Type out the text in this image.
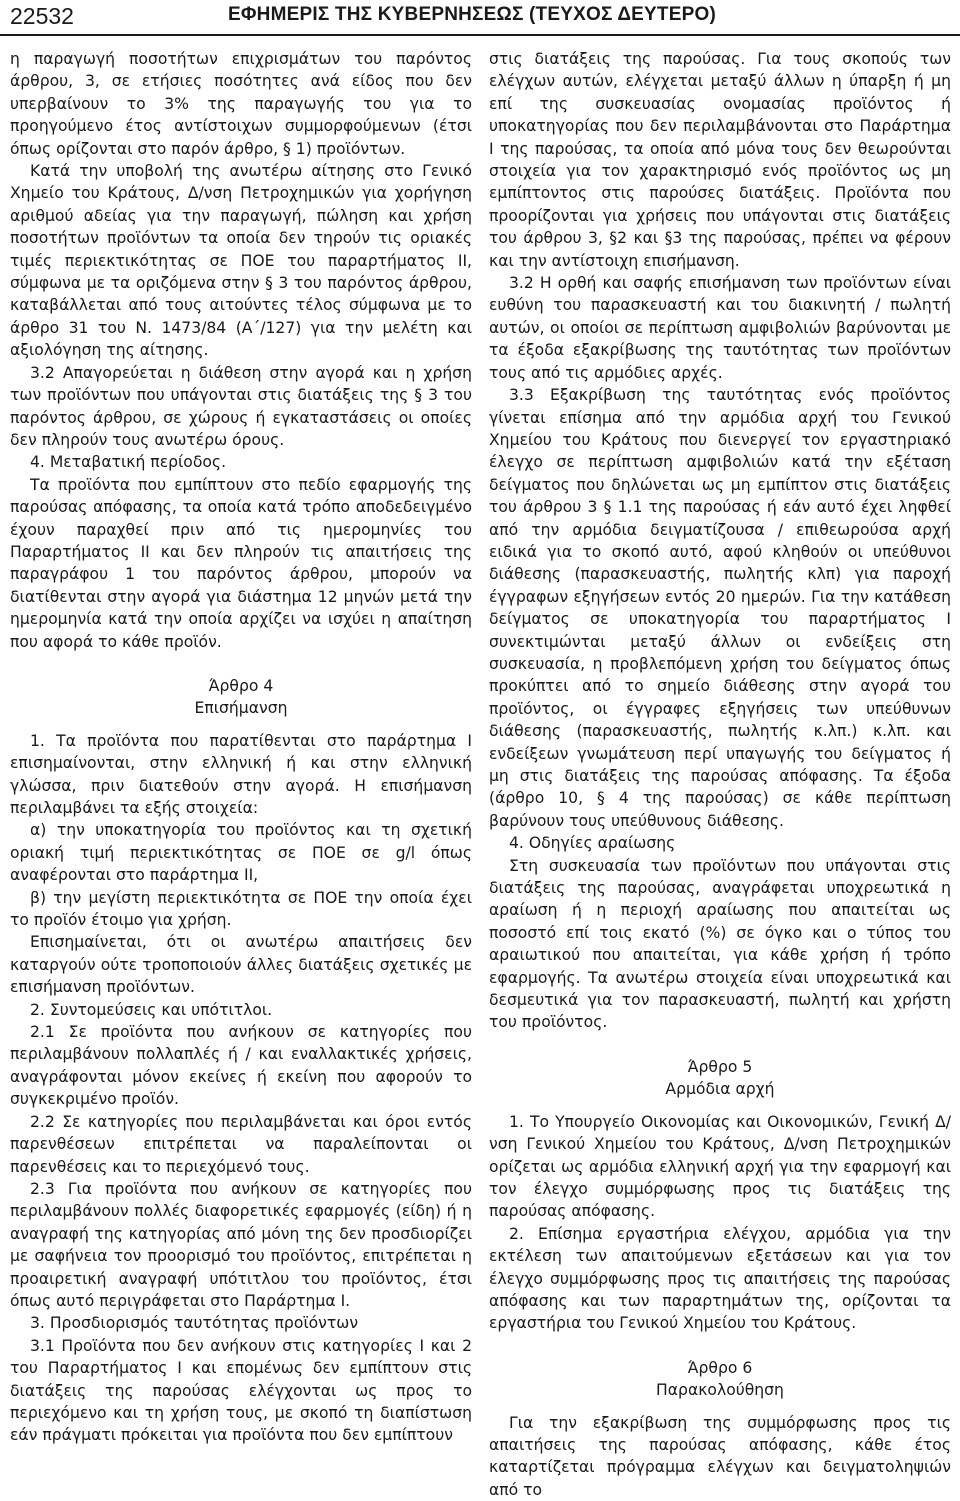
22532	ΕΦΗΜΕΡΙΣ ΤΗΣ ΚΥΒΕΡΝΗΣΕΩΣ (ΤΕΥΧΟΣ ΔΕΥΤΕΡΟ)

η παραγωγή ποσοτήτων επιχρισμάτων του παρόντος άρθρου, 3, σε ετήσιες ποσότητες ανά είδος που δεν υπερβαίνουν το 3% της παραγωγής του για το προηγούμενο έτος αντίστοιχων συμμορφούμενων (έτσι όπως ορίζονται στο παρόν άρθρο, § 1) προϊόντων.

Κατά την υποβολή της ανωτέρω αίτησης στο Γενικό Χημείο του Κράτους, Δ/νση Πετροχημικών για χορήγηση αριθμού αδείας για την παραγωγή, πώληση και χρήση ποσοτήτων προϊόντων τα οποία δεν τηρούν τις οριακές τιμές περιεκτικότητας σε ΠΟΕ του παραρτήματος II, σύμφωνα με τα οριζόμενα στην § 3 του παρόντος άρθρου, καταβάλλεται από τους αιτούντες τέλος σύμφωνα με το άρθρο 31 του Ν. 1473/84 (Α΄/127) για την μελέτη και αξιολόγηση της αίτησης.

3.2 Απαγορεύεται η διάθεση στην αγορά και η χρήση των προϊόντων που υπάγονται στις διατάξεις της § 3 του παρόντος άρθρου, σε χώρους ή εγκαταστάσεις οι οποίες δεν πληρούν τους ανωτέρω όρους.

4. Μεταβατική περίοδος.

Τα προϊόντα που εμπίπτουν στο πεδίο εφαρμογής της παρούσας απόφασης, τα οποία κατά τρόπο αποδεδειγμένο έχουν παραχθεί πριν από τις ημερομηνίες του Παραρτήματος II και δεν πληρούν τις απαιτήσεις της παραγράφου 1 του παρόντος άρθρου, μπορούν να διατίθενται στην αγορά για διάστημα 12 μηνών μετά την ημερομηνία κατά την οποία αρχίζει να ισχύει η απαίτηση που αφορά το κάθε προϊόν.

Άρθρο 4

Επισήμανση

1. Τα προϊόντα που παρατίθενται στο παράρτημα I επισημαίνονται, στην ελληνική ή και στην ελληνική γλώσσα, πριν διατεθούν στην αγορά. Η επισήμανση περιλαμβάνει τα εξής στοιχεία:

α) την υποκατηγορία του προϊόντος και τη σχετική οριακή τιμή περιεκτικότητας σε ΠΟΕ σε g/l όπως αναφέρονται στο παράρτημα II,

β) την μεγίστη περιεκτικότητα σε ΠΟΕ την οποία έχει το προϊόν έτοιμο για χρήση.

Επισημαίνεται, ότι οι ανωτέρω απαιτήσεις δεν καταργούν ούτε τροποποιούν άλλες διατάξεις σχετικές με επισήμανση προϊόντων.

2. Συντομεύσεις και υπότιτλοι.

2.1 Σε προϊόντα που ανήκουν σε κατηγορίες που περιλαμβάνουν πολλαπλές ή / και εναλλακτικές χρήσεις, αναγράφονται μόνον εκείνες ή εκείνη που αφορούν το συγκεκριμένο προϊόν.

2.2 Σε κατηγορίες που περιλαμβάνεται και όροι εντός παρενθέσεων επιτρέπεται να παραλείπονται οι παρενθέσεις και το περιεχόμενό τους.

2.3 Για προϊόντα που ανήκουν σε κατηγορίες που περιλαμβάνουν πολλές διαφορετικές εφαρμογές (είδη) ή η αναγραφή της κατηγορίας από μόνη της δεν προσδιορίζει με σαφήνεια τον προορισμό του προϊόντος, επιτρέπεται η προαιρετική αναγραφή υπότιτλου του προϊόντος, έτσι όπως αυτό περιγράφεται στο Παράρτημα I.

3. Προσδιορισμός ταυτότητας προϊόντων

3.1 Προϊόντα που δεν ανήκουν στις κατηγορίες I και 2 του Παραρτήματος I και επομένως δεν εμπίπτουν στις διατάξεις της παρούσας ελέγχονται ως προς το περιεχόμενο και τη χρήση τους, με σκοπό τη διαπίστωση εάν πράγματι πρόκειται για προϊόντα που δεν εμπίπτουν

στις διατάξεις της παρούσας. Για τους σκοπούς των ελέγχων αυτών, ελέγχεται μεταξύ άλλων η ύπαρξη ή μη επί της συσκευασίας ονομασίας προϊόντος ή υποκατηγορίας που δεν περιλαμβάνονται στο Παράρτημα I της παρούσας, τα οποία από μόνα τους δεν θεωρούνται στοιχεία για τον χαρακτηρισμό ενός προϊόντος ως μη εμπίπτοντος στις παρούσες διατάξεις. Προϊόντα που προορίζονται για χρήσεις που υπάγονται στις διατάξεις του άρθρου 3, §2 και §3 της παρούσας, πρέπει να φέρουν και την αντίστοιχη επισήμανση.

3.2 Η ορθή και σαφής επισήμανση των προϊόντων είναι ευθύνη του παρασκευαστή και του διακινητή / πωλητή αυτών, οι οποίοι σε περίπτωση αμφιβολιών βαρύνονται με τα έξοδα εξακρίβωσης της ταυτότητας των προϊόντων τους από τις αρμόδιες αρχές.

3.3 Εξακρίβωση της ταυτότητας ενός προϊόντος γίνεται επίσημα από την αρμόδια αρχή του Γενικού Χημείου του Κράτους που διενεργεί τον εργαστηριακό έλεγχο σε περίπτωση αμφιβολιών κατά την εξέταση δείγματος που δηλώνεται ως μη εμπίπτον στις διατάξεις του άρθρου 3 § 1.1 της παρούσας ή εάν αυτό έχει ληφθεί από την αρμόδια δειγματίζουσα / επιθεωρούσα αρχή ειδικά για το σκοπό αυτό, αφού κληθούν οι υπεύθυνοι διάθεσης (παρασκευαστής, πωλητής κλπ) για παροχή έγγραφων εξηγήσεων εντός 20 ημερών. Για την κατάθεση δείγματος σε υποκατηγορία του παραρτήματος I συνεκτιμώνται μεταξύ άλλων οι ενδείξεις στη συσκευασία, η προβλεπόμενη χρήση του δείγματος όπως προκύπτει από το σημείο διάθεσης στην αγορά του προϊόντος, οι έγγραφες εξηγήσεις των υπεύθυνων διάθεσης (παρασκευαστής, πωλητής κ.λπ.) κ.λπ. και ενδείξεων γνωμάτευση περί υπαγωγής του δείγματος ή μη στις διατάξεις της παρούσας απόφασης. Τα έξοδα (άρθρο 10, § 4 της παρούσας) σε κάθε περίπτωση βαρύνουν τους υπεύθυνους διάθεσης.

4. Οδηγίες αραίωσης

Στη συσκευασία των προϊόντων που υπάγονται στις διατάξεις της παρούσας, αναγράφεται υποχρεωτικά η αραίωση ή η περιοχή αραίωσης που απαιτείται ως ποσοστό επί τοις εκατό (%) σε όγκο και ο τύπος του αραιωτικού που απαιτείται, για κάθε χρήση ή τρόπο εφαρμογής. Τα ανωτέρω στοιχεία είναι υποχρεωτικά και δεσμευτικά για τον παρασκευαστή, πωλητή και χρήστη του προϊόντος.

Άρθρο 5

Αρμόδια αρχή

1. Το Υπουργείο Οικονομίας και Οικονομικών, Γενική Δ/νση Γενικού Χημείου του Κράτους, Δ/νση Πετροχημικών ορίζεται ως αρμόδια ελληνική αρχή για την εφαρμογή και τον έλεγχο συμμόρφωσης προς τις διατάξεις της παρούσας απόφασης.

2. Επίσημα εργαστήρια ελέγχου, αρμόδια για την εκτέλεση των απαιτούμενων εξετάσεων και για τον έλεγχο συμμόρφωσης προς τις απαιτήσεις της παρούσας απόφασης και των παραρτημάτων της, ορίζονται τα εργαστήρια του Γενικού Χημείου του Κράτους.

Άρθρο 6

Παρακολούθηση

Για την εξακρίβωση της συμμόρφωσης προς τις απαιτήσεις της παρούσας απόφασης, κάθε έτος καταρτίζεται πρόγραμμα ελέγχων και δειγματοληψιών από το
